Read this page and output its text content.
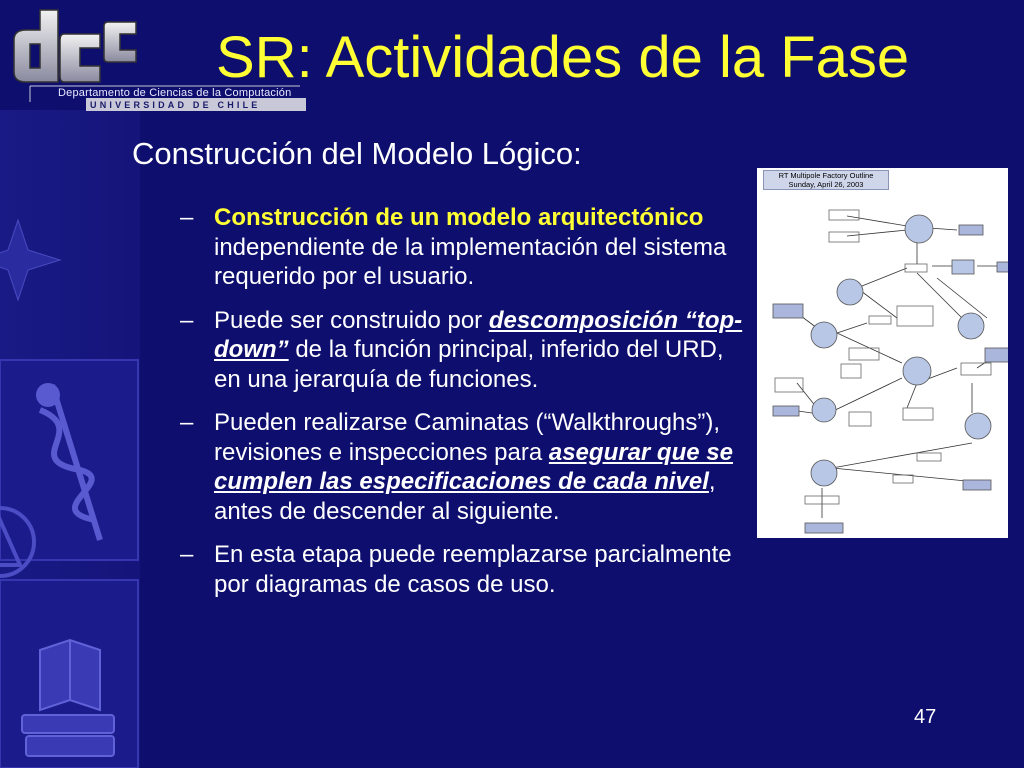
Departamento de Ciencias de la Computación
UNIVERSIDAD DE CHILE
SR: Actividades de la Fase
Construcción del Modelo Lógico:
– Construcción de un modelo arquitectónico independiente de la implementación del sistema requerido por el usuario.
– Puede ser construido por descomposición “top-down” de la función principal, inferido del URD, en una jerarquía de funciones.
– Pueden realizarse Caminatas (“Walkthroughs”), revisiones e inspecciones para asegurar que se cumplen las especificaciones de cada nivel, antes de descender al siguiente.
– En esta etapa puede reemplazarse parcialmente por diagramas de casos de uso.
RT Multipole Factory Outline
Sunday, April 26, 2003
47
